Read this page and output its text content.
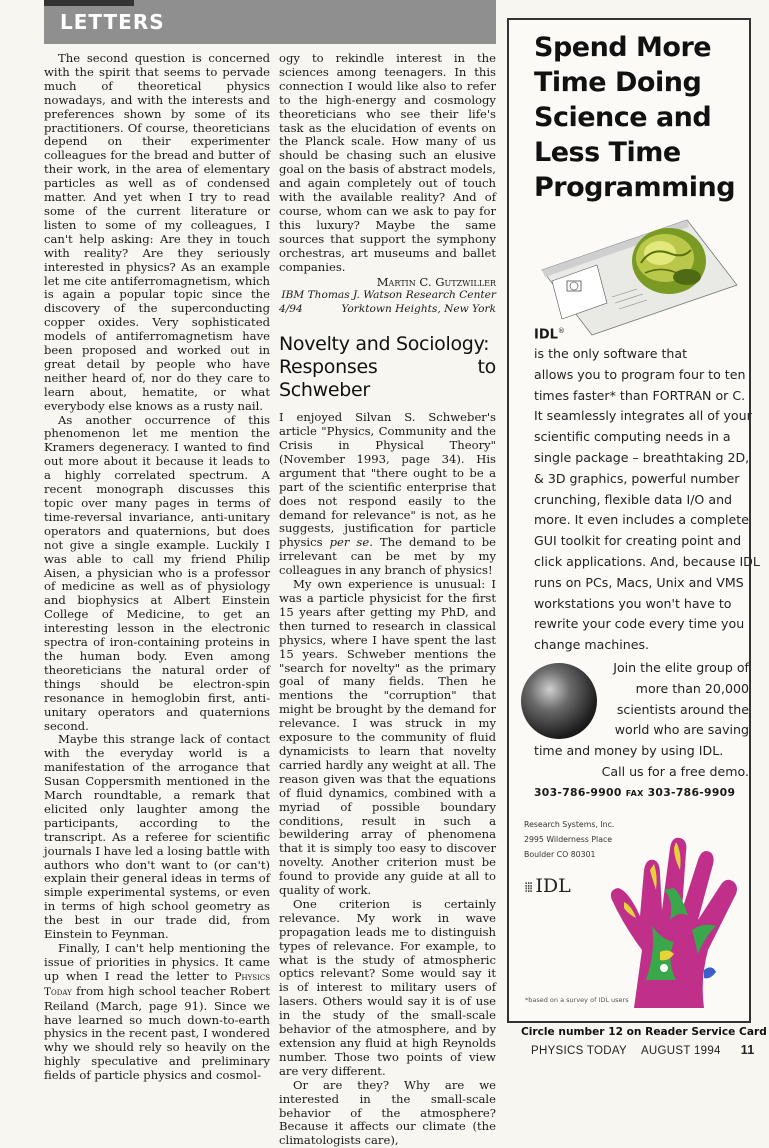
LETTERS

The second question is concerned with the spirit that seems to pervade much of theoretical physics nowadays, and with the interests and preferences shown by some of its practitioners. Of course, theoreticians depend on their experimenter colleagues for the bread and butter of their work, in the area of elementary particles as well as of condensed matter. And yet when I try to read some of the current literature or listen to some of my colleagues, I can't help asking: Are they in touch with reality? Are they seriously interested in physics? As an example let me cite antiferromagnetism, which is again a popular topic since the discovery of the superconducting copper oxides. Very sophisticated models of antiferromagnetism have been proposed and worked out in great detail by people who have neither heard of, nor do they care to learn about, hematite, or what everybody else knows as a rusty nail.

As another occurrence of this phenomenon let me mention the Kramers degeneracy. I wanted to find out more about it because it leads to a highly correlated spectrum. A recent monograph discusses this topic over many pages in terms of time-reversal invariance, anti-unitary operators and quaternions, but does not give a single example. Luckily I was able to call my friend Philip Aisen, a physician who is a professor of medicine as well as of physiology and biophysics at Albert Einstein College of Medicine, to get an interesting lesson in the electronic spectra of iron-containing proteins in the human body. Even among theoreticians the natural order of things should be electron-spin resonance in hemoglobin first, anti-unitary operators and quaternions second.

Maybe this strange lack of contact with the everyday world is a manifestation of the arrogance that Susan Coppersmith mentioned in the March roundtable, a remark that elicited only laughter among the participants, according to the transcript. As a referee for scientific journals I have led a losing battle with authors who don't want to (or can't) explain their general ideas in terms of simple experimental systems, or even in terms of high school geometry as the best in our trade did, from Einstein to Feynman.

Finally, I can't help mentioning the issue of priorities in physics. It came up when I read the letter to Physics Today from high school teacher Robert Reiland (March, page 91). Since we have learned so much down-to-earth physics in the recent past, I wondered why we should rely so heavily on the highly speculative and preliminary fields of particle physics and cosmol-

ogy to rekindle interest in the sciences among teenagers. In this connection I would like also to refer to the high-energy and cosmology theoreticians who see their life's task as the elucidation of events on the Planck scale. How many of us should be chasing such an elusive goal on the basis of abstract models, and again completely out of touch with the available reality? And of course, whom can we ask to pay for this luxury? Maybe the same sources that support the symphony orchestras, art museums and ballet companies.

Martin C. Gutzwiller
IBM Thomas J. Watson Research Center
4/94	Yorktown Heights, New York
Novelty and Sociology:
Responses to Schweber

I enjoyed Silvan S. Schweber's article "Physics, Community and the Crisis in Physical Theory" (November 1993, page 34). His argument that "there ought to be a part of the scientific enterprise that does not respond easily to the demand for relevance" is not, as he suggests, justification for particle physics per se. The demand to be irrelevant can be met by my colleagues in any branch of physics!

My own experience is unusual: I was a particle physicist for the first 15 years after getting my PhD, and then turned to research in classical physics, where I have spent the last 15 years. Schweber mentions the "search for novelty" as the primary goal of many fields. Then he mentions the "corruption" that might be brought by the demand for relevance. I was struck in my exposure to the community of fluid dynamicists to learn that novelty carried hardly any weight at all. The reason given was that the equations of fluid dynamics, combined with a myriad of possible boundary conditions, result in such a bewildering array of phenomena that it is simply too easy to discover novelty. Another criterion must be found to provide any guide at all to quality of work.

One criterion is certainly relevance. My work in wave propagation leads me to distinguish types of relevance. For example, to what is the study of atmospheric optics relevant? Some would say it is of interest to military users of lasers. Others would say it is of use in the study of the small-scale behavior of the atmosphere, and by extension any fluid at high Reynolds number. Those two points of view are very different.

Or are they? Why are we interested in the small-scale behavior of the atmosphere? Because it affects our climate (the climatologists care),

Spend More
Time Doing
Science and
Less Time
Programming
IDL®
is the only software that
allows you to program four to ten
times faster* than FORTRAN or C.
It seamlessly integrates all of your
scientific computing needs in a
single package – breathtaking 2D,
& 3D graphics, powerful number
crunching, flexible data I/O and
more. It even includes a complete
GUI toolkit for creating point and
click applications. And, because IDL
runs on PCs, Macs, Unix and VMS
workstations you won't have to
rewrite your code every time you
change machines.
Join the elite group of
more than 20,000
scientists around the
world who are saving
time and money by using IDL.
Call us for a free demo.
303-786-9900 FAX 303-786-9909
Research Systems, Inc.
2995 Wilderness Place
Boulder CO 80301
⁞⁞⁞ IDL
*based on a survey of IDL users
Circle number 12 on Reader Service Card
PHYSICS TODAY AUGUST 1994 11
